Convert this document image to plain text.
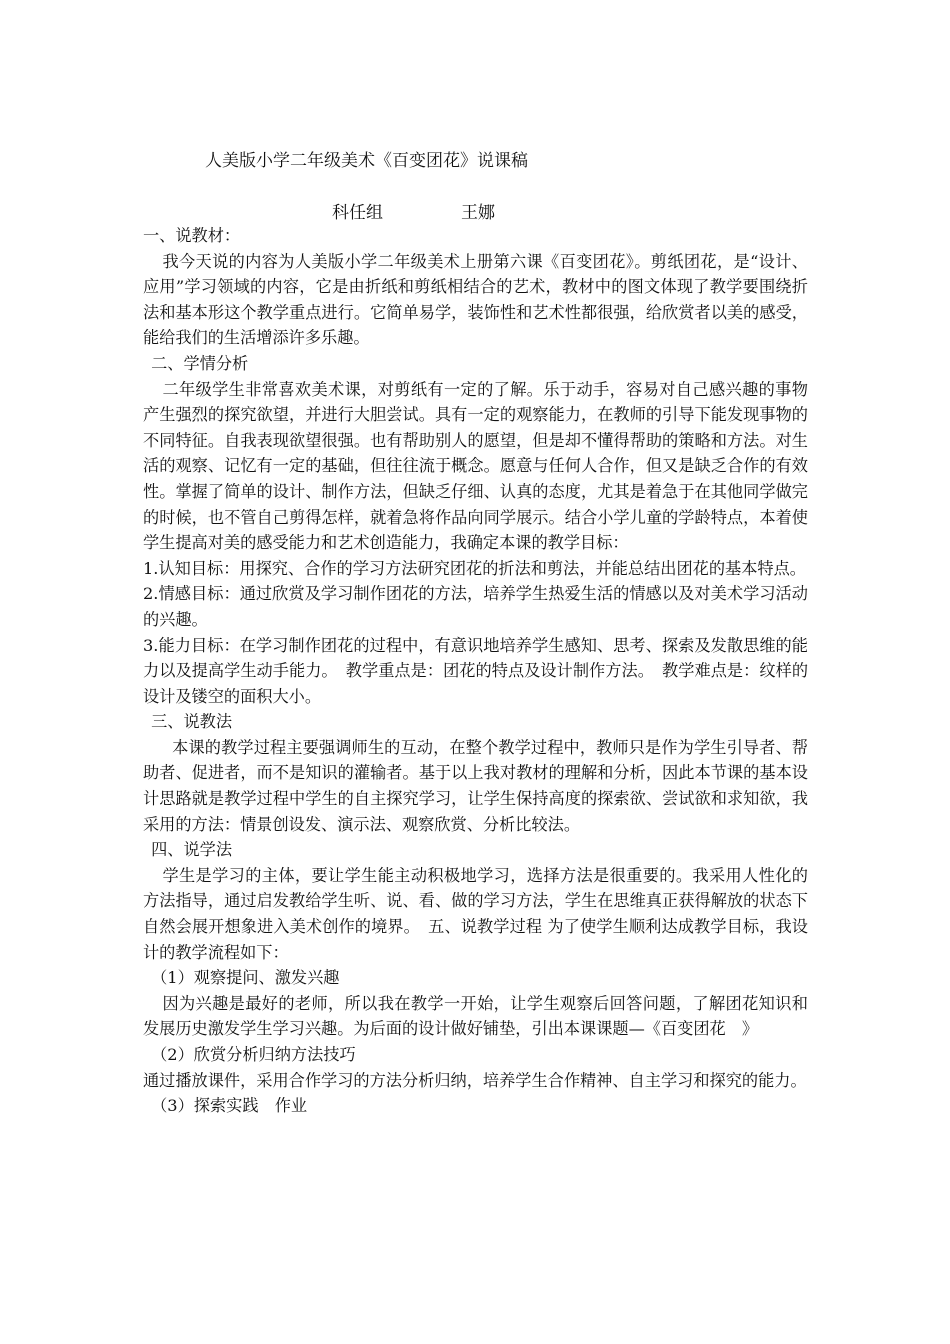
人美版小学二年级美术《百变团花》说课稿
科任组	王娜

一、说教材：

我今天说的内容为人美版小学二年级美术上册第六课《百变团花》。剪纸团花，是“设计、应用”学习领域的内容，它是由折纸和剪纸相结合的艺术，教材中的图文体现了教学要围绕折法和基本形这个教学重点进行。它简单易学，装饰性和艺术性都很强，给欣赏者以美的感受，能给我们的生活增添许多乐趣。

二、学情分析

二年级学生非常喜欢美术课，对剪纸有一定的了解。乐于动手，容易对自己感兴趣的事物产生强烈的探究欲望，并进行大胆尝试。具有一定的观察能力，在教师的引导下能发现事物的不同特征。自我表现欲望很强。也有帮助别人的愿望，但是却不懂得帮助的策略和方法。对生活的观察、记忆有一定的基础，但往往流于概念。愿意与任何人合作，但又是缺乏合作的有效性。掌握了简单的设计、制作方法，但缺乏仔细、认真的态度，尤其是着急于在其他同学做完的时候，也不管自己剪得怎样，就着急将作品向同学展示。结合小学儿童的学龄特点，本着使学生提高对美的感受能力和艺术创造能力，我确定本课的教学目标：

1.认知目标：用探究、合作的学习方法研究团花的折法和剪法，并能总结出团花的基本特点。

2.情感目标：通过欣赏及学习制作团花的方法，培养学生热爱生活的情感以及对美术学习活动的兴趣。

3.能力目标：在学习制作团花的过程中，有意识地培养学生感知、思考、探索及发散思维的能力以及提高学生动手能力。　教学重点是：团花的特点及设计制作方法。　教学难点是：纹样的设计及镂空的面积大小。

三、说教法

本课的教学过程主要强调师生的互动，在整个教学过程中，教师只是作为学生引导者、帮助者、促进者，而不是知识的灌输者。基于以上我对教材的理解和分析，因此本节课的基本设计思路就是教学过程中学生的自主探究学习，让学生保持高度的探索欲、尝试欲和求知欲，我采用的方法：情景创设发、演示法、观察欣赏、分析比较法。

四、说学法

学生是学习的主体，要让学生能主动积极地学习，选择方法是很重要的。我采用人性化的方法指导，通过启发教给学生听、说、看、做的学习方法，学生在思维真正获得解放的状态下自然会展开想象进入美术创作的境界。　五、说教学过程 为了使学生顺利达成教学目标，我设计的教学流程如下：

（1）观察提问、激发兴趣

因为兴趣是最好的老师，所以我在教学一开始，让学生观察后回答问题，了解团花知识和发展历史激发学生学习兴趣。为后面的设计做好铺垫，引出本课课题—《百变团花　》

（2）欣赏分析归纳方法技巧

通过播放课件，采用合作学习的方法分析归纳，培养学生合作精神、自主学习和探究的能力。

（3）探索实践　作业
